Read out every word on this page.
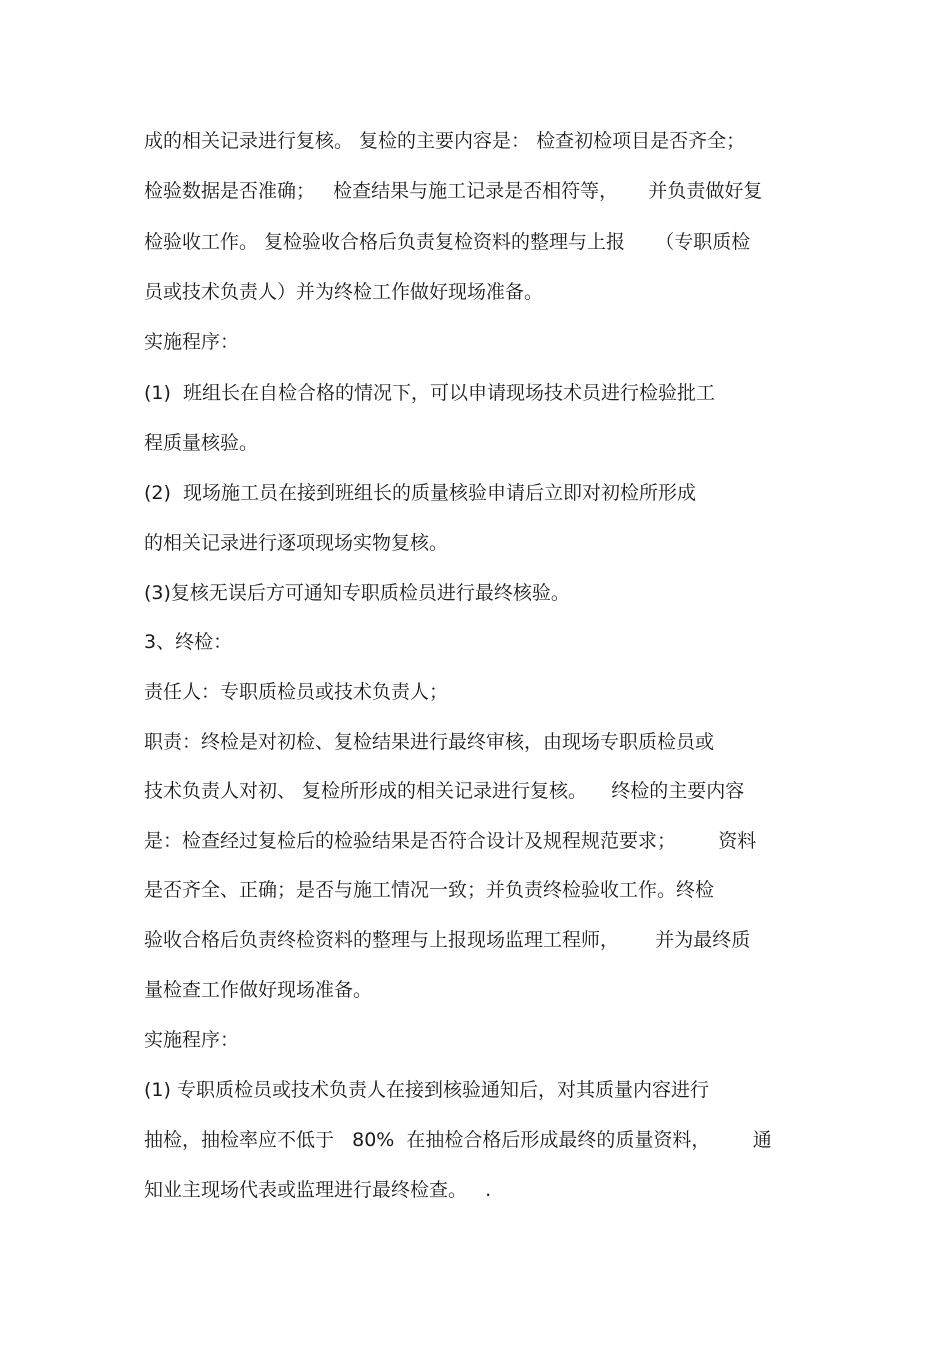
成的相关记录进行复核。 复检的主要内容是： 检查初检项目是否齐全；

检验数据是否准确；   检查结果与施工记录是否相符等，     并负责做好复

检验收工作。 复检验收合格后负责复检资料的整理与上报     （专职质检

员或技术负责人）并为终检工作做好现场准备。

实施程序：

(1)  班组长在自检合格的情况下，可以申请现场技术员进行检验批工

程质量核验。

(2)  现场施工员在接到班组长的质量核验申请后立即对初检所形成

的相关记录进行逐项现场实物复核。

(3)复核无误后方可通知专职质检员进行最终核验。

3、终检：

责任人：专职质检员或技术负责人；

职责：终检是对初检、复检结果进行最终审核，由现场专职质检员或

技术负责人对初、 复检所形成的相关记录进行复核。    终检的主要内容

是：检查经过复检后的检验结果是否符合设计及规程规范要求；       资料

是否齐全、正确；是否与施工情况一致；并负责终检验收工作。终检

验收合格后负责终检资料的整理与上报现场监理工程师，      并为最终质

量检查工作做好现场准备。

实施程序：

(1) 专职质检员或技术负责人在接到核验通知后，对其质量内容进行

抽检，抽检率应不低于   80%  在抽检合格后形成最终的质量资料，       通

知业主现场代表或监理进行最终检查。   .
